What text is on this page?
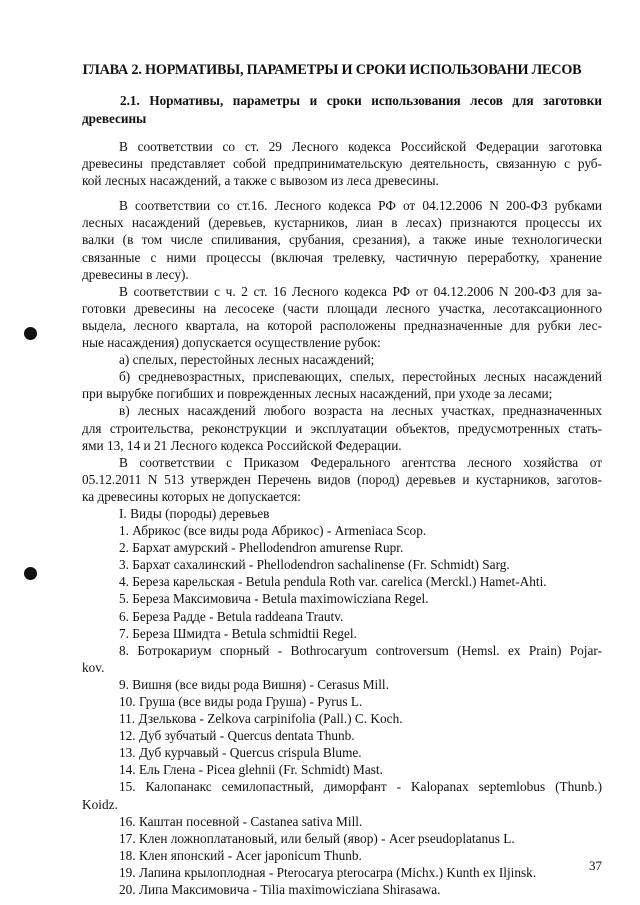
ГЛАВА 2. НОРМАТИВЫ, ПАРАМЕТРЫ И СРОКИ ИСПОЛЬЗОВАНИ ЛЕСОВ
2.1. Нормативы, параметры и сроки использования лесов для заготовки
древесины
В соответствии со ст. 29 Лесного кодекса Российской Федерации заготовка
древесины представляет собой предпринимательскую деятельность, связанную с руб-
кой лесных насаждений, а также с вывозом из леса древесины.
В соответствии со ст.16. Лесного кодекса РФ от 04.12.2006 N 200-ФЗ рубками
лесных насаждений (деревьев, кустарников, лиан в лесах) признаются процессы их
валки (в том числе спиливания, срубания, срезания), а также иные технологически
связанные с ними процессы (включая трелевку, частичную переработку, хранение
древесины в лесу).
В соответствии с ч. 2 ст. 16 Лесного кодекса РФ от 04.12.2006 N 200-ФЗ для за-
готовки древесины на лесосеке (части площади лесного участка, лесотаксационного
выдела, лесного квартала, на которой расположены предназначенные для рубки лес-
ные насаждения) допускается осуществление рубок:
а) спелых, перестойных лесных насаждений;
б) средневозрастных, приспевающих, спелых, перестойных лесных насаждений
при вырубке погибших и поврежденных лесных насаждений, при уходе за лесами;
в) лесных насаждений любого возраста на лесных участках, предназначенных
для строительства, реконструкции и эксплуатации объектов, предусмотренных стать-
ями 13, 14 и 21 Лесного кодекса Российской Федерации.
В соответствии с Приказом Федерального агентства лесного хозяйства от
05.12.2011 N 513 утвержден Перечень видов (пород) деревьев и кустарников, заготов-
ка древесины которых не допускается:
I. Виды (породы) деревьев
1. Абрикос (все виды рода Абрикос) - Armeniaca Scop.
2. Бархат амурский - Phellodendron amurense Rupr.
3. Бархат сахалинский - Phellodendron sachalinense (Fr. Schmidt) Sarg.
4. Береза карельская - Betula pendula Roth var. carelica (Merckl.) Hamet-Ahti.
5. Береза Максимовича - Betula maximowicziana Regel.
6. Береза Радде - Betula raddeana Trautv.
7. Береза Шмидта - Betula schmidtii Regel.
8. Ботрокариум спорный - Bothrocaryum controversum (Hemsl. ex Prain) Pojar-
kov.
9. Вишня (все виды рода Вишня) - Cerasus Mill.
10. Груша (все виды рода Груша) - Pyrus L.
11. Дзелькова - Zelkova carpinifolia (Pall.) C. Koch.
12. Дуб зубчатый - Quercus dentata Thunb.
13. Дуб курчавый - Quercus crispula Blume.
14. Ель Глена - Picea glehnii (Fr. Schmidt) Mast.
15. Калопанакс семилопастный, диморфант - Kalopanax septemlobus (Thunb.)
Koidz.
16. Каштан посевной - Castanea sativa Mill.
17. Клен ложноплатановый, или белый (явор) - Acer pseudoplatanus L.
18. Клен японский - Acer japonicum Thunb.
19. Лапина крылоплодная - Pterocarya pterocarpa (Michx.) Kunth ex Iljinsk.
20. Липа Максимовича - Tilia maximowicziana Shirasawa.
37
